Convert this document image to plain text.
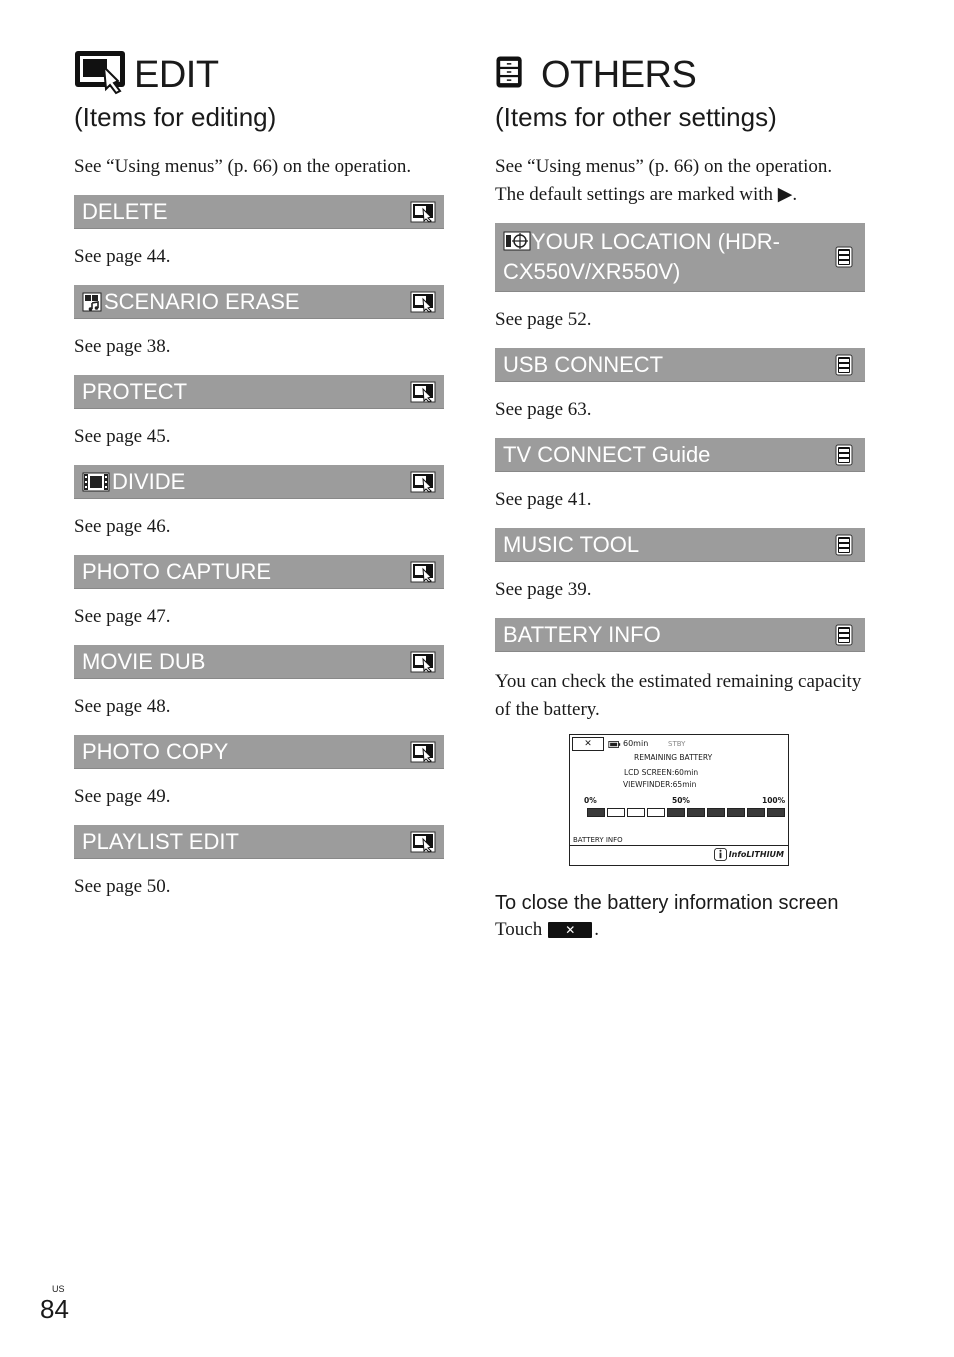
EDIT
(Items for editing)
See “Using menus” (p. 66) on the operation.
DELETE
See page 44.
SCENARIO ERASE
See page 38.
PROTECT
See page 45.
DIVIDE
See page 46.
PHOTO CAPTURE
See page 47.
MOVIE DUB
See page 48.
PHOTO COPY
See page 49.
PLAYLIST EDIT
See page 50.
OTHERS
(Items for other settings)
See “Using menus” (p. 66) on the operation.
The default settings are marked with ▶.
YOUR LOCATION (HDR-CX550V/XR550V)
See page 52.
USB CONNECT
See page 63.
TV CONNECT Guide
See page 41.
MUSIC TOOL
See page 39.
BATTERY INFO
You can check the estimated remaining capacity of the battery.
✕	60min	STBY
REMAINING BATTERY
LCD SCREEN:60min
VIEWFINDER:65min
0%	50%	100%
BATTERY INFO
InfoLITHIUM
To close the battery information screen
Touch	✕ .
US
84
